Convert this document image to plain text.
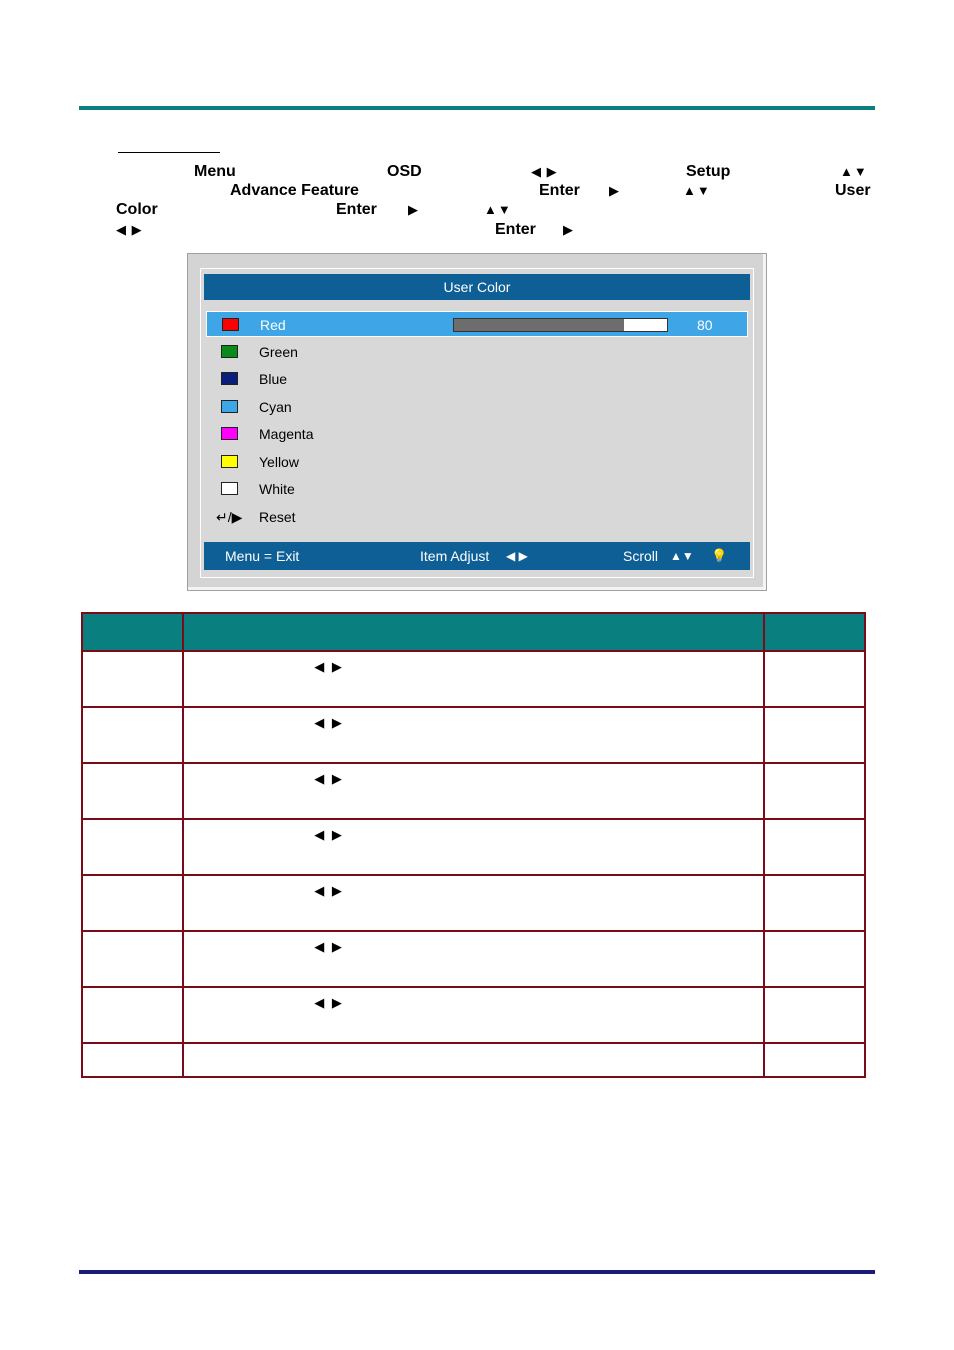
Menu	OSD	◀ ▶	Setup	▲▼
Advance Feature	Enter ▶	▲▼	User
Color	Enter ▶	▲▼
◀ ▶	Enter ▶
User Color
Red	80
Green
Blue
Cyan
Magenta
Yellow
White
↵/▶ Reset
Menu = Exit	Item Adjust ◀ ▶	Scroll ▲▼ 💡

	◀ ▶	

	◀ ▶	

	◀ ▶	

	◀ ▶	

	◀ ▶	

	◀ ▶	

	◀ ▶	
